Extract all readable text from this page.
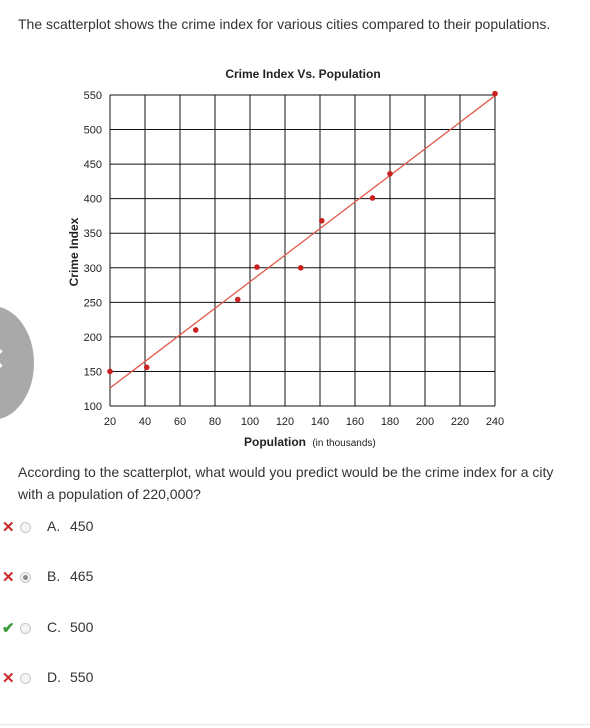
The scatterplot shows the crime index for various cities compared to their populations.

20 40 60 80 100 120 140 160 180 200 220 240
100
150
200
250
300
350
400
450
500
550
Crime Index Vs. Population
Crime Index
Population (in thousands)

According to the scatterplot, what would you predict would be the crime index for a city with a population of 220,000?

✕ A. 450
✕ B. 465
✔ C. 500
✕ D. 550
